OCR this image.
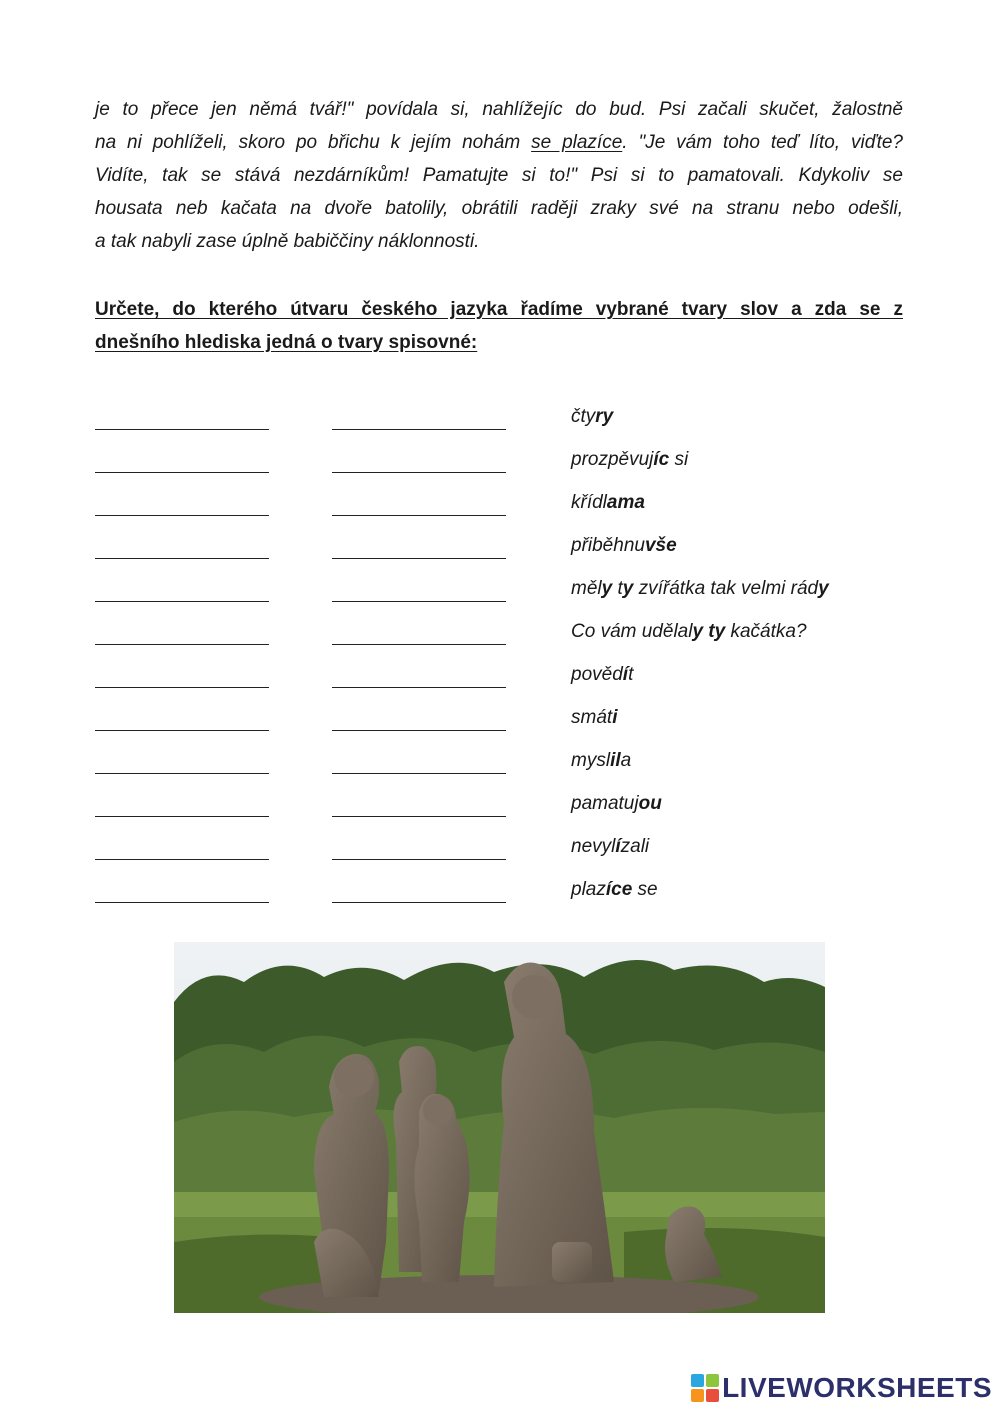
je to přece jen němá tvář!" povídala si, nahlížejíc do bud. Psi začali skučet, žalostně
na ni pohlíželi, skoro po břichu k jejím nohám se plazíce. "Je vám toho teď líto, viďte?
Vidíte, tak se stává nezdárníkům! Pamatujte si to!" Psi si to pamatovali. Kdykoliv se
housata neb kačata na dvoře batolily, obrátili raději zraky své na stranu nebo odešli,
a tak nabyli zase úplně babiččiny náklonnosti.
Určete, do kterého útvaru českého jazyka řadíme vybrané tvary slov a zda se z
dnešního hlediska jedná o tvary spisovné:
čtyry
prozpěvujíc si
křídlama
přiběhnuvše
měly ty zvířátka tak velmi rády
Co vám udělaly ty kačátka?
povědít
smáti
myslila
pamatujou
nevylízali
plazíce se
LIVEWORKSHEETS
